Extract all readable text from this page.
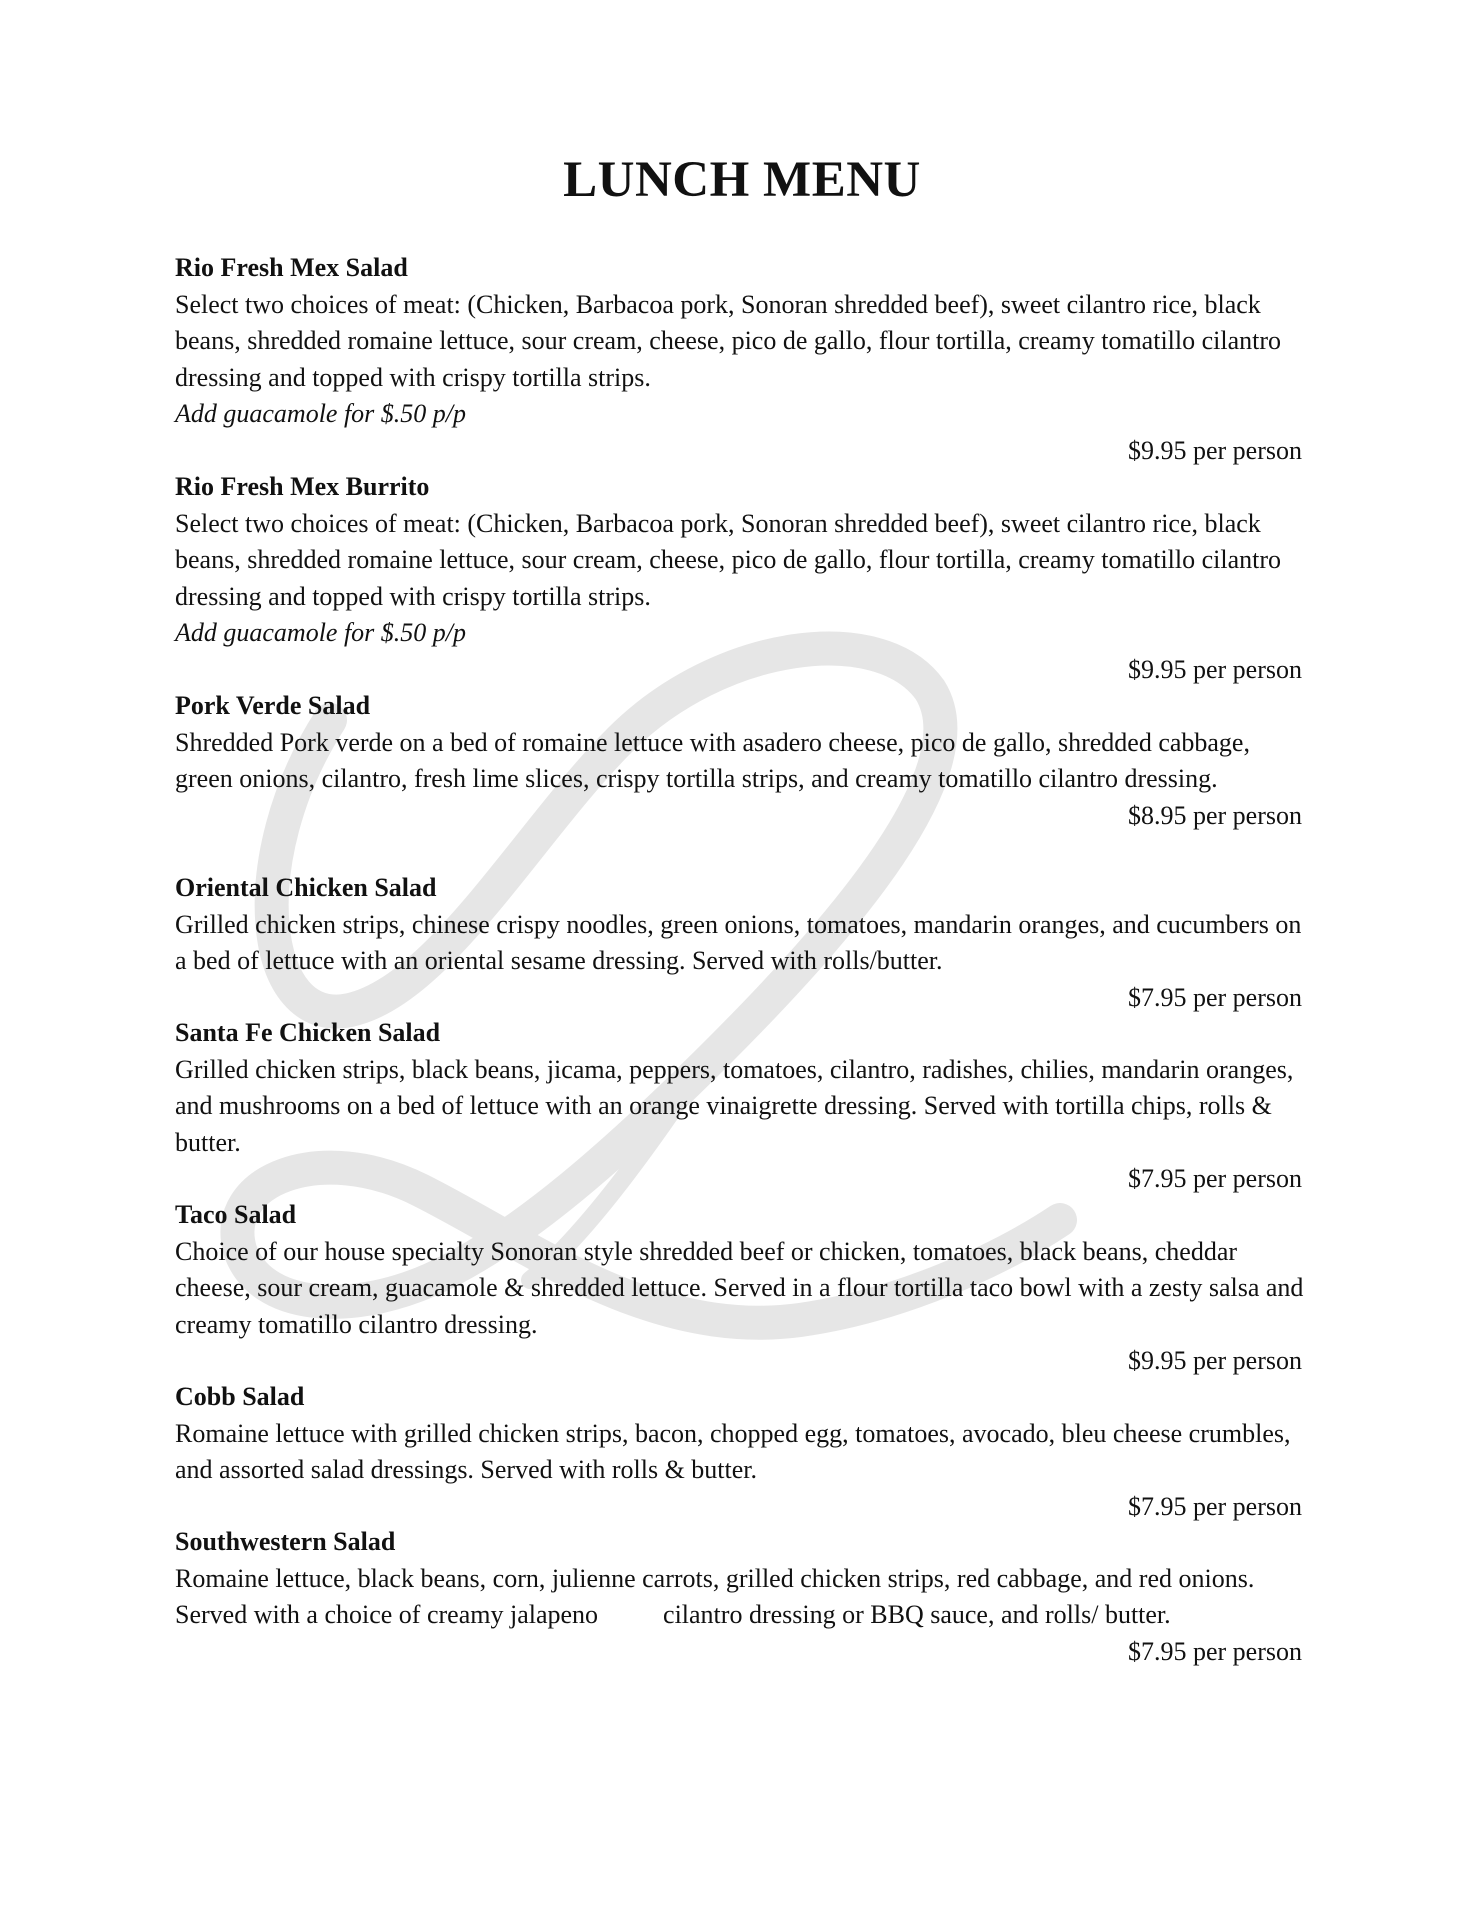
LUNCH MENU

Rio Fresh Mex Salad

Select two choices of meat: (Chicken, Barbacoa pork, Sonoran shredded beef), sweet cilantro rice, black beans, shredded romaine lettuce, sour cream, cheese, pico de gallo, flour tortilla, creamy tomatillo cilantro dressing and topped with crispy tortilla strips.

Add guacamole for $.50 p/p

$9.95 per person

Rio Fresh Mex Burrito

Select two choices of meat: (Chicken, Barbacoa pork, Sonoran shredded beef), sweet cilantro rice, black beans, shredded romaine lettuce, sour cream, cheese, pico de gallo, flour tortilla, creamy tomatillo cilantro dressing and topped with crispy tortilla strips.

Add guacamole for $.50 p/p

$9.95 per person

Pork Verde Salad

Shredded Pork verde on a bed of romaine lettuce with asadero cheese, pico de gallo, shredded cabbage, green onions, cilantro, fresh lime slices, crispy tortilla strips, and creamy tomatillo cilantro dressing.

$8.95 per person

Oriental Chicken Salad

Grilled chicken strips, chinese crispy noodles, green onions, tomatoes, mandarin oranges, and cucumbers on a bed of lettuce with an oriental sesame dressing. Served with rolls/butter.

$7.95 per person

Santa Fe Chicken Salad

Grilled chicken strips, black beans, jicama, peppers, tomatoes, cilantro, radishes, chilies, mandarin oranges, and mushrooms on a bed of lettuce with an orange vinaigrette dressing. Served with tortilla chips, rolls & butter.

$7.95 per person

Taco Salad

Choice of our house specialty Sonoran style shredded beef or chicken, tomatoes, black beans, cheddar cheese, sour cream, guacamole & shredded lettuce. Served in a flour tortilla taco bowl with a zesty salsa and creamy tomatillo cilantro dressing.

$9.95 per person

Cobb Salad

Romaine lettuce with grilled chicken strips, bacon, chopped egg, tomatoes, avocado, bleu cheese crumbles, and assorted salad dressings. Served with rolls & butter.

$7.95 per person

Southwestern Salad

Romaine lettuce, black beans, corn, julienne carrots, grilled chicken strips, red cabbage, and red onions. Served with a choice of creamy jalapeno          cilantro dressing or BBQ sauce, and rolls/ butter.

$7.95 per person
